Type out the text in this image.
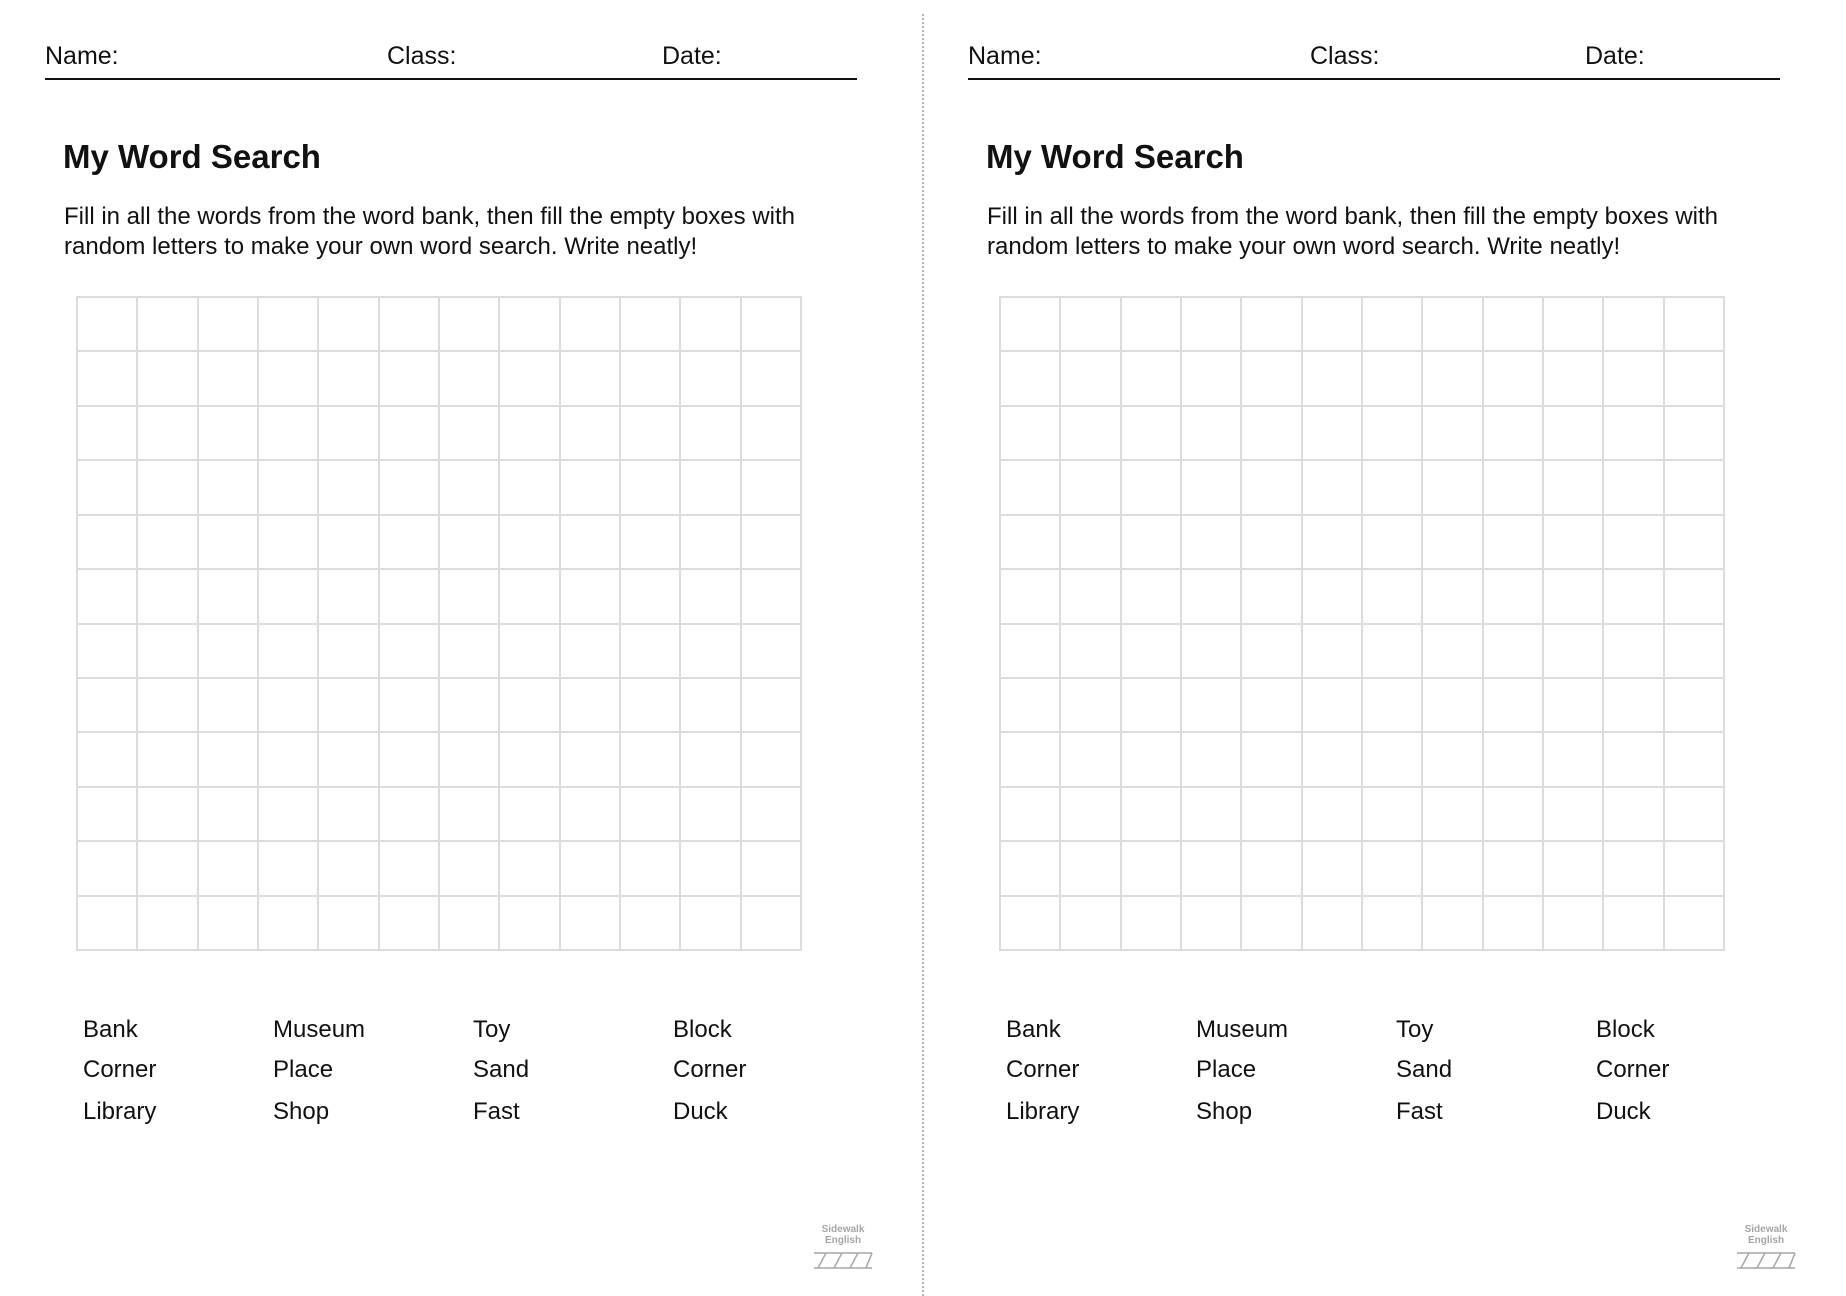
Name:	Class:	Date:
My Word Search

Fill in all the words from the word bank, then fill the empty boxes with random letters to make your own word search. Write neatly!

Bank	Museum	Toy	Block
Corner	Place	Sand	Corner
Library	Shop	Fast	Duck
Sidewalk
English
Name:	Class:	Date:
My Word Search

Fill in all the words from the word bank, then fill the empty boxes with random letters to make your own word search. Write neatly!

Bank	Museum	Toy	Block
Corner	Place	Sand	Corner
Library	Shop	Fast	Duck
Sidewalk
English
